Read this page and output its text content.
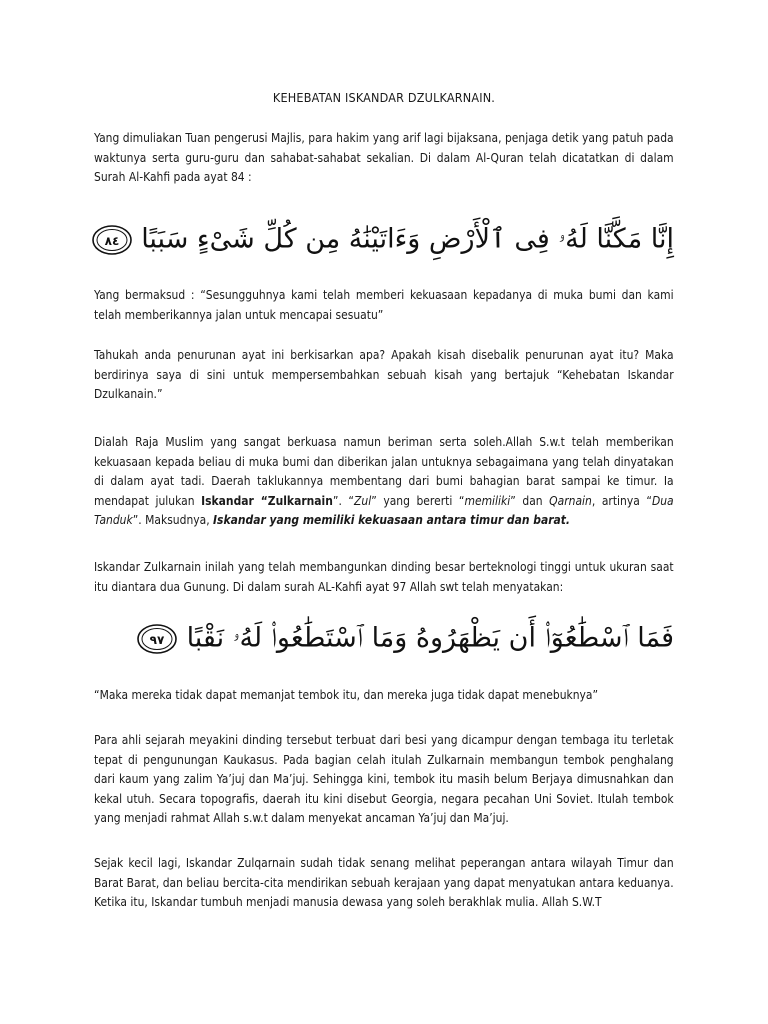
KEHEBATAN ISKANDAR DZULKARNAIN.
Yang dimuliakan Tuan pengerusi Majlis, para hakim yang arif lagi bijaksana, penjaga detik yang patuh pada waktunya serta guru-guru dan sahabat-sahabat sekalian. Di dalam Al-Quran telah dicatatkan di dalam Surah Al-Kahfi pada ayat 84 :
إِنَّا مَكَّنَّا لَهُۥ فِى ٱلْأَرْضِ وَءَاتَيْنَٰهُ مِن كُلِّ شَىْءٍ سَبَبًا
٨٤
Yang bermaksud : “Sesungguhnya kami telah memberi kekuasaan kepadanya di muka bumi dan kami telah memberikannya jalan untuk mencapai sesuatu”
Tahukah anda penurunan ayat ini berkisarkan apa? Apakah kisah disebalik penurunan ayat itu? Maka berdirinya saya di sini untuk mempersembahkan sebuah kisah yang bertajuk “Kehebatan Iskandar Dzulkanain.”
Dialah Raja Muslim yang sangat berkuasa namun beriman serta soleh.Allah S.w.t telah memberikan kekuasaan kepada beliau di muka bumi dan diberikan jalan untuknya sebagaimana yang telah dinyatakan di dalam ayat tadi. Daerah taklukannya membentang dari bumi bahagian barat sampai ke timur. Ia mendapat julukan Iskandar “Zulkarnain”. “Zul” yang bererti “memiliki” dan Qarnain, artinya “Dua Tanduk”. Maksudnya, Iskandar yang memiliki kekuasaan antara timur dan barat.
Iskandar Zulkarnain inilah yang telah membangunkan dinding besar berteknologi tinggi untuk ukuran saat itu diantara dua Gunung. Di dalam surah AL-Kahfi ayat 97 Allah swt telah menyatakan:
“Maka mereka tidak dapat memanjat tembok itu, dan mereka juga tidak dapat menebuknya”
فَمَا ٱسْطَٰعُوٓا۟ أَن يَظْهَرُوهُ وَمَا ٱسْتَطَٰعُوا۟ لَهُۥ نَقْبًا
٩٧
Para ahli sejarah meyakini dinding tersebut terbuat dari besi yang dicampur dengan tembaga itu terletak tepat di pengunungan Kaukasus. Pada bagian celah itulah Zulkarnain membangun tembok penghalang dari kaum yang zalim Ya’juj dan Ma’juj. Sehingga kini, tembok itu masih belum Berjaya dimusnahkan dan kekal utuh. Secara topografis, daerah itu kini disebut Georgia, negara pecahan Uni Soviet. Itulah tembok yang menjadi rahmat Allah s.w.t dalam menyekat ancaman Ya’juj dan Ma’juj.
Sejak kecil lagi, Iskandar Zulqarnain sudah tidak senang melihat peperangan antara wilayah Timur dan Barat Barat, dan beliau bercita-cita mendirikan sebuah kerajaan yang dapat menyatukan antara keduanya. Ketika itu, Iskandar tumbuh menjadi manusia dewasa yang soleh berakhlak mulia. Allah S.W.T
